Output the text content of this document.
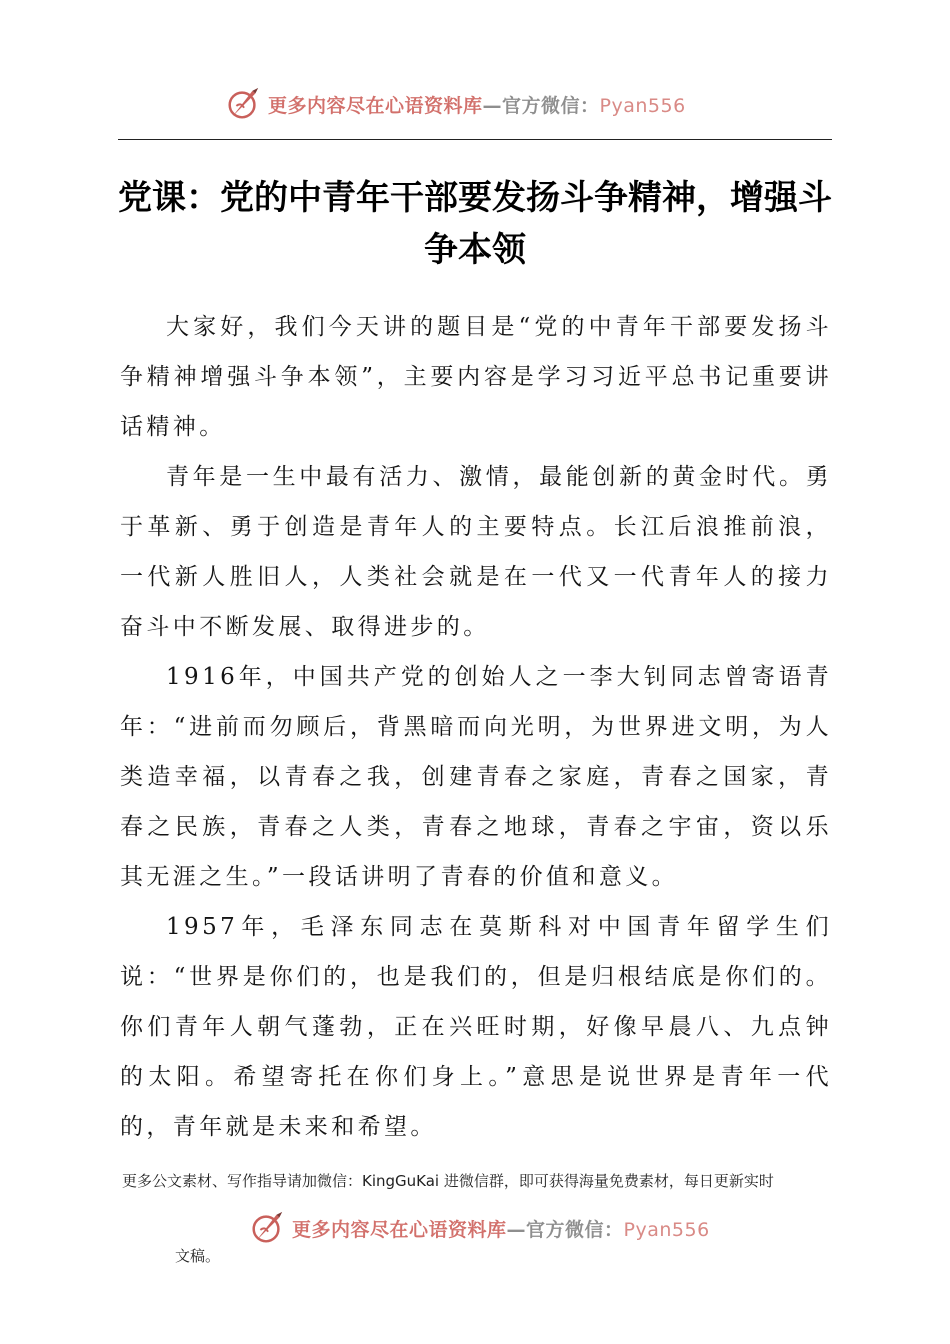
更多内容尽在心语资料库—官方微信：Pyan556
党课：党的中青年干部要发扬斗争精神，增强斗争本领

大家好，我们今天讲的题目是“党的中青年干部要发扬斗争精神增强斗争本领”，主要内容是学习习近平总书记重要讲话精神。

青年是一生中最有活力、激情，最能创新的黄金时代。勇于革新、勇于创造是青年人的主要特点。长江后浪推前浪，一代新人胜旧人，人类社会就是在一代又一代青年人的接力奋斗中不断发展、取得进步的。

1916年，中国共产党的创始人之一李大钊同志曾寄语青年：“进前而勿顾后，背黑暗而向光明，为世界进文明，为人类造幸福，以青春之我，创建青春之家庭，青春之国家，青春之民族，青春之人类，青春之地球，青春之宇宙，资以乐其无涯之生。”一段话讲明了青春的价值和意义。

1957年，毛泽东同志在莫斯科对中国青年留学生们说：“世界是你们的，也是我们的，但是归根结底是你们的。你们青年人朝气蓬勃，正在兴旺时期，好像早晨八、九点钟的太阳。希望寄托在你们身上。”意思是说世界是青年一代的，青年就是未来和希望。

更多公文素材、写作指导请加微信：KingGuKai 进微信群，即可获得海量免费素材，每日更新实时
更多内容尽在心语资料库—官方微信：Pyan556
文稿。
